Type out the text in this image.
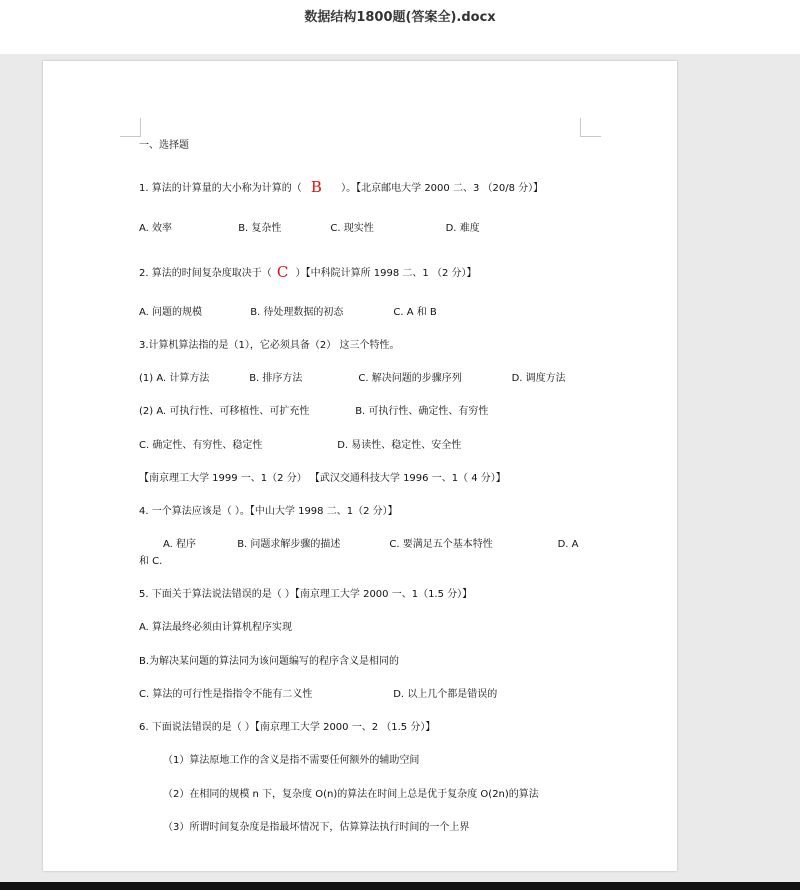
数据结构1800题(答案全).docx
一、选择题
1. 算法的计算量的大小称为计算的（ B ）。【北京邮电大学 2000 二、3 （20/8 分）】
A. 效率	B. 复杂性	C. 现实性	D. 难度
2. 算法的时间复杂度取决于（ C ）【中科院计算所 1998 二、1 （2 分）】
A. 问题的规模	B. 待处理数据的初态	C. A 和 B
3.计算机算法指的是（1），它必须具备（2） 这三个特性。
(1) A. 计算方法	B. 排序方法	C. 解决问题的步骤序列	D. 调度方法
(2) A. 可执行性、可移植性、可扩充性	B. 可执行性、确定性、有穷性
C. 确定性、有穷性、稳定性	D. 易读性、稳定性、安全性
【南京理工大学 1999 一、1（2 分） 【武汉交通科技大学 1996 一、1（ 4 分）】
4. 一个算法应该是（ ）。【中山大学 1998 二、1（2 分）】
A. 程序	B. 问题求解步骤的描述	C. 要满足五个基本特性	D. A
和 C.
5. 下面关于算法说法错误的是（ ）【南京理工大学 2000 一、1（1.5 分）】
A. 算法最终必须由计算机程序实现
B.为解决某问题的算法同为该问题编写的程序含义是相同的
C. 算法的可行性是指指令不能有二义性	D. 以上几个都是错误的
6. 下面说法错误的是（ ）【南京理工大学 2000 一、2 （1.5 分）】
（1）算法原地工作的含义是指不需要任何额外的辅助空间
（2）在相同的规模 n 下，复杂度 O(n)的算法在时间上总是优于复杂度 O(2n)的算法
（3）所谓时间复杂度是指最坏情况下，估算算法执行时间的一个上界
